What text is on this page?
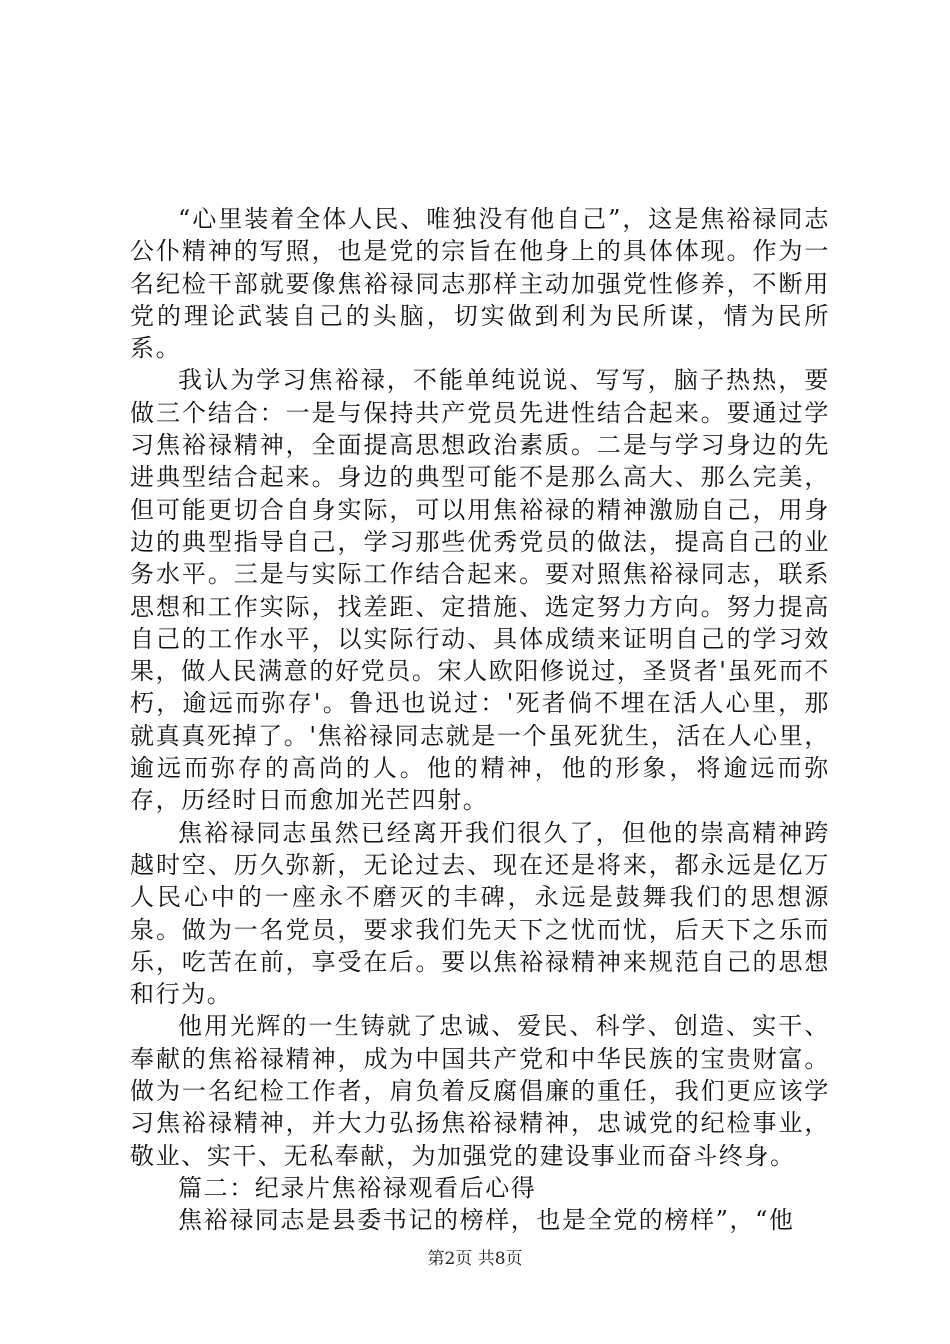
“心里装着全体人民、唯独没有他自己”，这是焦裕禄同志公仆精神的写照，也是党的宗旨在他身上的具体体现。作为一名纪检干部就要像焦裕禄同志那样主动加强党性修养，不断用党的理论武装自己的头脑，切实做到利为民所谋，情为民所系。

我认为学习焦裕禄，不能单纯说说、写写，脑子热热，要做三个结合：一是与保持共产党员先进性结合起来。要通过学习焦裕禄精神，全面提高思想政治素质。二是与学习身边的先进典型结合起来。身边的典型可能不是那么高大、那么完美，但可能更切合自身实际，可以用焦裕禄的精神激励自己，用身边的典型指导自己，学习那些优秀党员的做法，提高自己的业务水平。三是与实际工作结合起来。要对照焦裕禄同志，联系思想和工作实际，找差距、定措施、选定努力方向。努力提高自己的工作水平，以实际行动、具体成绩来证明自己的学习效果，做人民满意的好党员。宋人欧阳修说过，圣贤者'虽死而不朽，逾远而弥存'。鲁迅也说过：'死者倘不埋在活人心里，那就真真死掉了。'焦裕禄同志就是一个虽死犹生，活在人心里，逾远而弥存的高尚的人。他的精神，他的形象，将逾远而弥存，历经时日而愈加光芒四射。

焦裕禄同志虽然已经离开我们很久了，但他的崇高精神跨越时空、历久弥新，无论过去、现在还是将来，都永远是亿万人民心中的一座永不磨灭的丰碑，永远是鼓舞我们的思想源泉。做为一名党员，要求我们先天下之忧而忧，后天下之乐而乐，吃苦在前，享受在后。要以焦裕禄精神来规范自己的思想和行为。

他用光辉的一生铸就了忠诚、爱民、科学、创造、实干、奉献的焦裕禄精神，成为中国共产党和中华民族的宝贵财富。做为一名纪检工作者，肩负着反腐倡廉的重任，我们更应该学习焦裕禄精神，并大力弘扬焦裕禄精神，忠诚党的纪检事业，敬业、实干、无私奉献，为加强党的建设事业而奋斗终身。

篇二：纪录片焦裕禄观看后心得

焦裕禄同志是县委书记的榜样，也是全党的榜样”，“他

第2页 共8页
